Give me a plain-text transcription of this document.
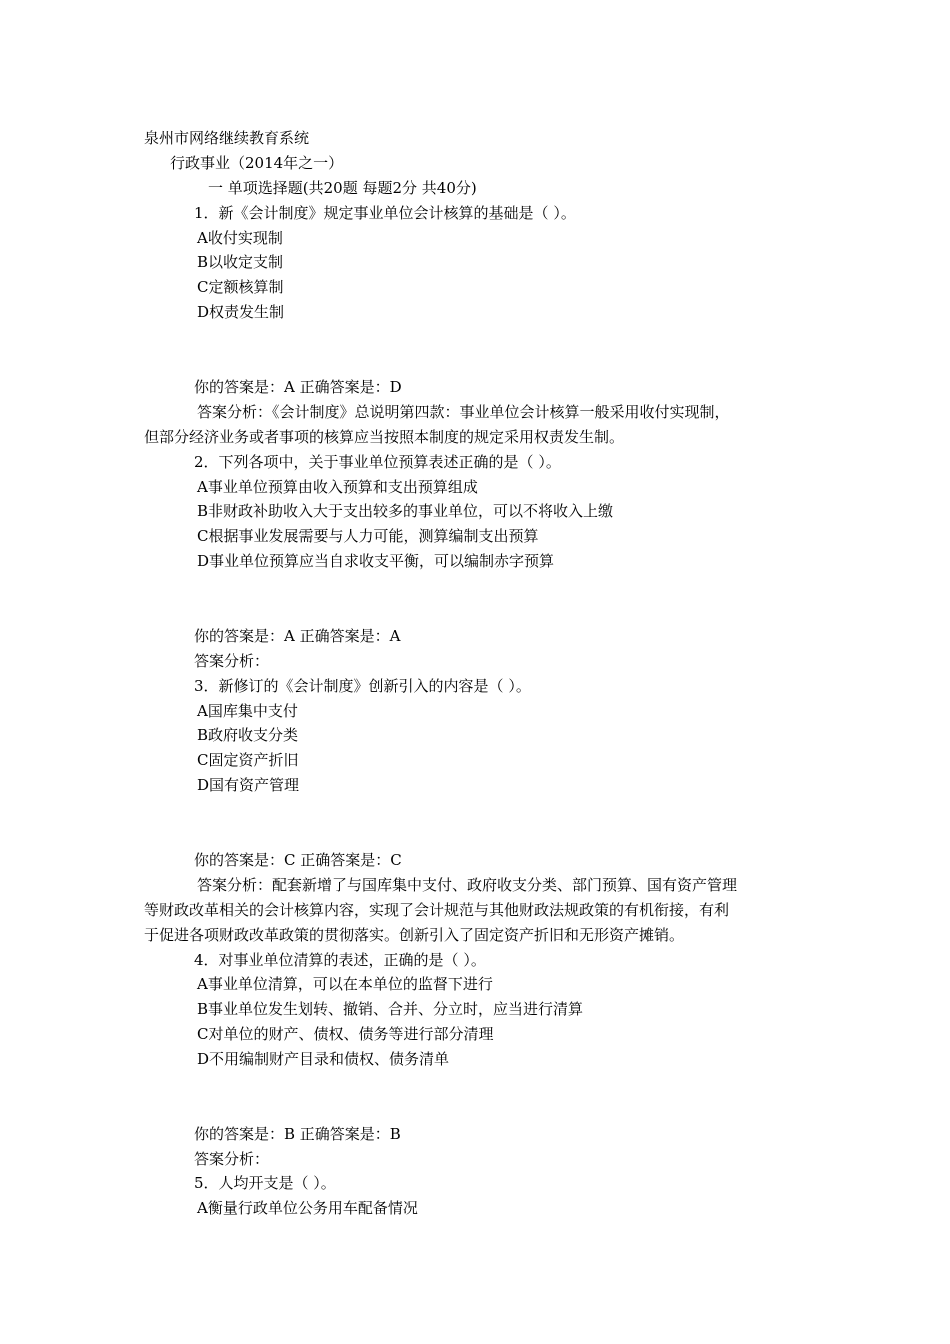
泉州市网络继续教育系统
行政事业（2014年之一）
一 单项选择题(共20题 每题2分 共40分)
1．新《会计制度》规定事业单位会计核算的基础是（ ）。
A收付实现制
B以收定支制
C定额核算制
D权责发生制
你的答案是：A 正确答案是：D
答案分析：《会计制度》总说明第四款：事业单位会计核算一般采用收付实现制，
但部分经济业务或者事项的核算应当按照本制度的规定采用权责发生制。
2．下列各项中，关于事业单位预算表述正确的是（ ）。
A事业单位预算由收入预算和支出预算组成
B非财政补助收入大于支出较多的事业单位，可以不将收入上缴
C根据事业发展需要与人力可能，测算编制支出预算
D事业单位预算应当自求收支平衡，可以编制赤字预算
你的答案是：A 正确答案是：A
答案分析：
3．新修订的《会计制度》创新引入的内容是（ ）。
A国库集中支付
B政府收支分类
C固定资产折旧
D国有资产管理
你的答案是：C 正确答案是：C
答案分析：配套新增了与国库集中支付、政府收支分类、部门预算、国有资产管理
等财政改革相关的会计核算内容，实现了会计规范与其他财政法规政策的有机衔接，有利
于促进各项财政改革政策的贯彻落实。创新引入了固定资产折旧和无形资产摊销。
4．对事业单位清算的表述，正确的是（ ）。
A事业单位清算，可以在本单位的监督下进行
B事业单位发生划转、撤销、合并、分立时，应当进行清算
C对单位的财产、债权、债务等进行部分清理
D不用编制财产目录和债权、债务清单
你的答案是：B 正确答案是：B
答案分析：
5．人均开支是（ ）。
A衡量行政单位公务用车配备情况
